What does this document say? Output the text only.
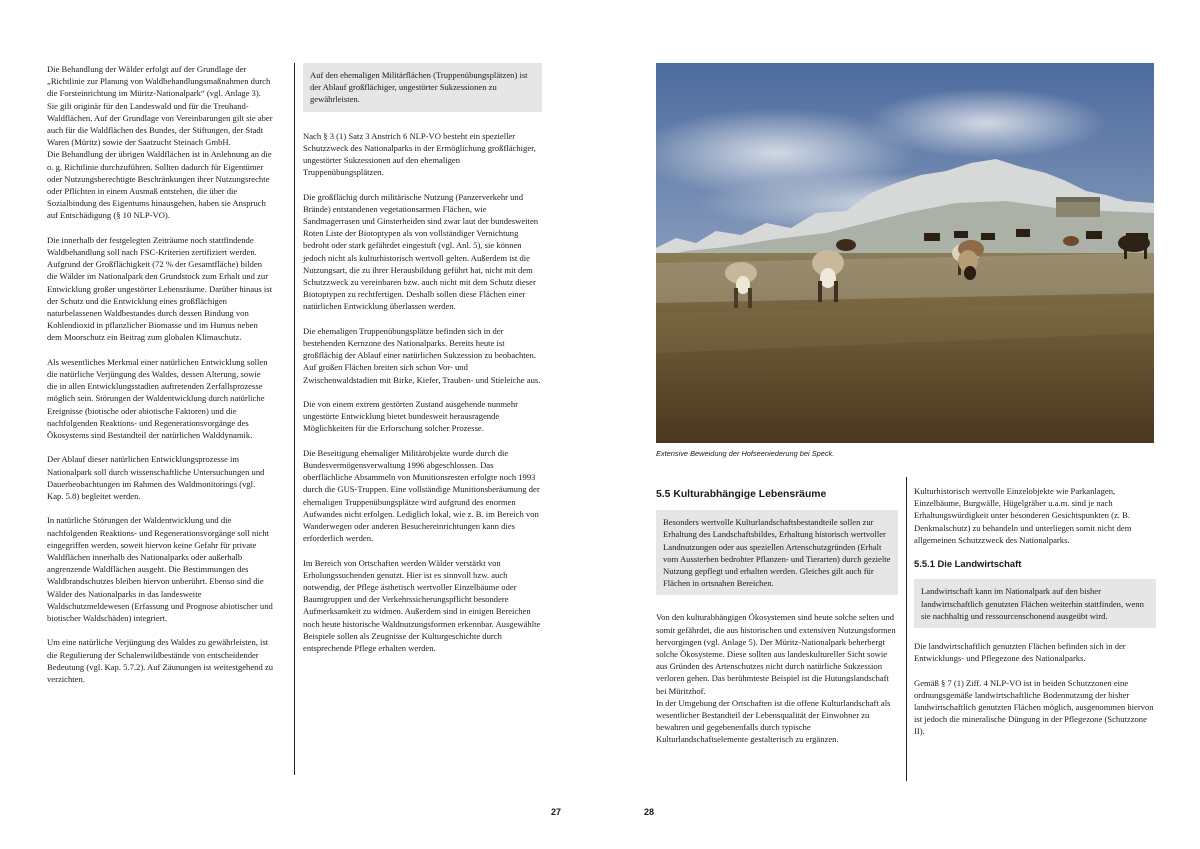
Die Behandlung der Wälder erfolgt auf der Grundlage der „Richtlinie zur Planung von Waldbehandlungsmaßnahmen durch die Forsteinrichtung im Müritz-Nationalpark“ (vgl. Anlage 3). Sie gilt originär für den Landeswald und für die Treuhand-Waldflächen. Auf der Grundlage von Vereinbarungen gilt sie aber auch für die Waldflächen des Bundes, der Stiftungen, der Stadt Waren (Müritz) sowie der Saatzucht Steinach GmbH.

Die Behandlung der übrigen Waldflächen ist in Anlehnung an die o. g. Richtlinie durchzuführen. Sollten dadurch für Eigentümer oder Nutzungsberechtigte Beschränkungen ihrer Nutzungsrechte oder Pflichten in einem Ausmaß entstehen, die über die Sozialbindung des Eigentums hinausgehen, haben sie Anspruch auf Entschädigung (§ 10 NLP-VO).

Die innerhalb der festgelegten Zeiträume noch stattfindende Waldbehandlung soll nach FSC-Kriterien zertifiziert werden.

Aufgrund der Großflächigkeit (72 % der Gesamtfläche) bilden die Wälder im Nationalpark den Grundstock zum Erhalt und zur Entwicklung großer ungestörter Lebensräume. Darüber hinaus ist der Schutz und die Entwicklung eines großflächigen naturbelassenen Waldbestandes durch dessen Bindung von Kohlendioxid in pflanzlicher Biomasse und im Humus neben dem Moorschutz ein Beitrag zum globalen Klimaschutz.

Als wesentliches Merkmal einer natürlichen Entwicklung sollen die natürliche Verjüngung des Waldes, dessen Alterung, sowie die in allen Entwicklungsstadien auftretenden Zerfallsprozesse möglich sein. Störungen der Waldentwicklung durch natürliche Ereignisse (biotische oder abiotische Faktoren) und die nachfolgenden Reaktions- und Regenerationsvorgänge des Ökosystems sind Bestandteil der natürlichen Walddynamik.

Der Ablauf dieser natürlichen Entwicklungsprozesse im Nationalpark soll durch wissenschaftliche Untersuchungen und Dauerbeobachtungen im Rahmen des Waldmonitorings (vgl. Kap. 5.8) begleitet werden.

In natürliche Störungen der Waldentwicklung und die nachfolgenden Reaktions- und Regenerationsvorgänge soll nicht eingegriffen werden, soweit hiervon keine Gefahr für private Waldflächen innerhalb des Nationalparks oder außerhalb angrenzende Waldflächen ausgeht. Die Bestimmungen des Waldbrandschutzes bleiben hiervon unberührt. Ebenso sind die Wälder des Nationalparks in das landesweite Waldschutzmeldewesen (Erfassung und Prognose abiotischer und biotischer Waldschäden) integriert.

Um eine natürliche Verjüngung des Waldes zu gewährleisten, ist die Regulierung der Schalenwildbestände von entscheidender Bedeutung (vgl. Kap. 5.7.2). Auf Zäunungen ist weitestgehend zu verzichten.

Auf den ehemaligen Militärflächen (Truppenübungsplätzen) ist der Ablauf großflächiger, ungestörter Sukzessionen zu gewährleisten.

Nach § 3 (1) Satz 3 Anstrich 6 NLP-VO besteht ein spezieller Schutzzweck des Nationalparks in der Ermöglichung großflächiger, ungestörter Sukzessionen auf den ehemaligen Truppenübungsplätzen.

Die großflächig durch militärische Nutzung (Panzerverkehr und Brände) entstandenen vegetationsarmen Flächen, wie Sandmagerrasen und Ginsterheiden sind zwar laut der bundesweiten Roten Liste der Biotoptypen als von vollständiger Vernichtung bedroht oder stark gefährdet eingestuft (vgl. Anl. 5), sie können jedoch nicht als kulturhistorisch wertvoll gelten. Außerdem ist die Nutzungsart, die zu ihrer Herausbildung geführt hat, nicht mit dem Schutzzweck zu vereinbaren bzw. auch nicht mit dem Schutz dieser Biotoptypen zu rechtfertigen. Deshalb sollen diese Flächen einer natürlichen Entwicklung überlassen werden.

Die ehemaligen Truppenübungsplätze befinden sich in der bestehenden Kernzone des Nationalparks. Bereits heute ist großflächig der Ablauf einer natürlichen Sukzession zu beobachten. Auf großen Flächen breiten sich schon Vor- und Zwischenwaldstadien mit Birke, Kiefer, Trauben- und Stieleiche aus.

Die von einem extrem gestörten Zustand ausgehende nunmehr ungestörte Entwicklung bietet bundesweit herausragende Möglichkeiten für die Erforschung solcher Prozesse.

Die Beseitigung ehemaliger Militärobjekte wurde durch die Bundesvermögensverwaltung 1996 abgeschlossen. Das oberflächliche Absammeln von Munitionsresten erfolgte noch 1993 durch die GUS-Truppen. Eine vollständige Munitionsberäumung der ehemaligen Truppenübungsplätze wird aufgrund des enormen Aufwandes nicht erfolgen. Lediglich lokal, wie z. B. im Bereich von Wanderwegen oder anderen Besuchereinrichtungen kann dies erforderlich werden.

Im Bereich von Ortschaften werden Wälder verstärkt von Erholungssuchenden genutzt. Hier ist es sinnvoll bzw. auch notwendig, der Pflege ästhetisch wertvoller Einzelbäume oder Baumgruppen und der Verkehrssicherungspflicht besondere Aufmerksamkeit zu widmen. Außerdem sind in einigen Bereichen noch heute historische Waldnutzungsformen erkennbar. Ausgewählte Beispiele sollen als Zeugnisse der Kulturgeschichte durch entsprechende Pflege erhalten werden.

27
Extensive Beweidung der Hofseeniederung bei Speck.
5.5 Kulturabhängige Lebensräume
Besonders wertvolle Kulturlandschaftsbestandteile sollen zur Erhaltung des Landschaftsbildes, Erhaltung historisch wertvoller Landnutzungen oder aus speziellen Artenschutzgründen (Erhalt vom Aussterben bedrohter Pflanzen- und Tierarten) durch gezielte Nutzung gepflegt und erhalten werden. Gleiches gilt auch für Flächen in ortsnahen Bereichen.

Von den kulturabhängigen Ökosystemen sind heute solche selten und somit gefährdet, die aus historischen und extensiven Nutzungsformen hervorgingen (vgl. Anlage 5). Der Müritz-Nationalpark beherbergt solche Ökosysteme. Diese sollten aus landeskultureller Sicht sowie aus Gründen des Artenschutzes nicht durch natürliche Sukzession verloren gehen. Das berühmteste Beispiel ist die Hutungslandschaft bei Müritzhof.

In der Umgebung der Ortschaften ist die offene Kulturlandschaft als wesentlicher Bestandteil der Lebensqualität der Einwohner zu bewahren und gegebenenfalls durch typische Kulturlandschaftselemente gestalterisch zu ergänzen.

Kulturhistorisch wertvolle Einzelobjekte wie Parkanlagen, Einzelbäume, Burgwälle, Hügelgräber u.a.m. sind je nach Erhaltungswürdigkeit unter besonderen Gesichtspunkten (z. B. Denkmalschutz) zu behandeln und unterliegen somit nicht dem allgemeinen Schutzzweck des Nationalparks.

5.5.1 Die Landwirtschaft
Landwirtschaft kann im Nationalpark auf den bisher landwirtschaftlich genutzten Flächen weiterhin stattfinden, wenn sie nachhaltig und ressourcenschonend ausgeübt wird.

Die landwirtschaftlich genutzten Flächen befinden sich in der Entwicklungs- und Pflegezone des Nationalparks.

Gemäß § 7 (1) Ziff. 4 NLP-VO ist in beiden Schutzzonen eine ordnungsgemäße landwirtschaftliche Bodennutzung der bisher landwirtschaftlich genutzten Flächen möglich, ausgenommen hiervon ist jedoch die mineralische Düngung in der Pflegezone (Schutzzone II).

28
